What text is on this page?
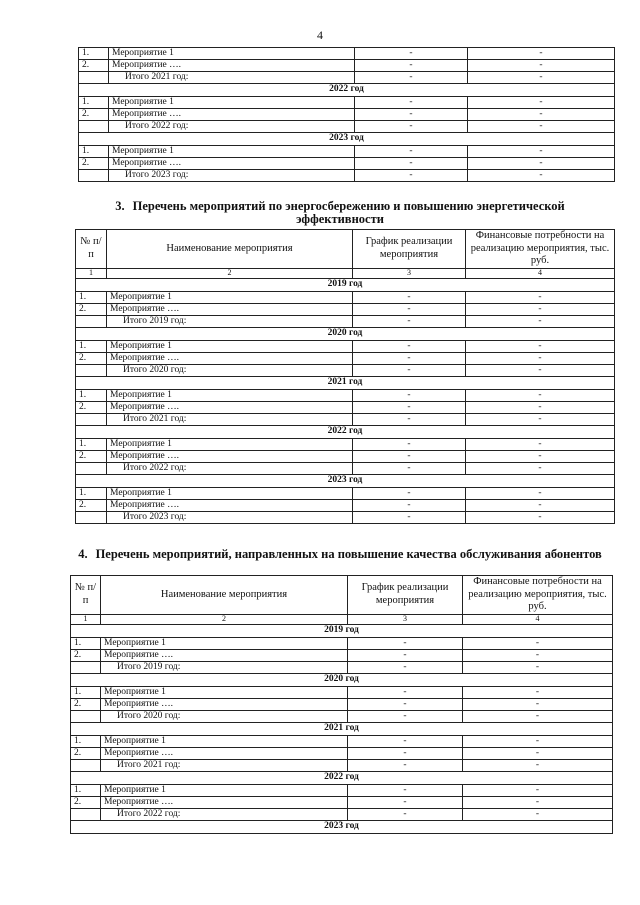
4
1.	Мероприятие 1	-	-
2.	Мероприятие ….	-	-
	Итого 2021 год:	-	-
2022 год			
1.	Мероприятие 1	-	-
2.	Мероприятие ….	-	-
	Итого 2022 год:	-	-
2023 год			
1.	Мероприятие 1	-	-
2.	Мероприятие ….	-	-
	Итого 2023 год:	-	-
3. Перечень мероприятий по энергосбережению и повышению энергетической эффективности
№ п/п	Наименование мероприятия	График реализации мероприятия	Финансовые потребности на реализацию мероприятия, тыс. руб.
1	2	3	4
2019 год			
1.	Мероприятие 1	-	-
2.	Мероприятие ….	-	-
	Итого 2019 год:	-	-
2020 год			
1.	Мероприятие 1	-	-
2.	Мероприятие ….	-	-
	Итого 2020 год:	-	-
2021 год			
1.	Мероприятие 1	-	-
2.	Мероприятие ….	-	-
	Итого 2021 год:	-	-
2022 год			
1.	Мероприятие 1	-	-
2.	Мероприятие ….	-	-
	Итого 2022 год:	-	-
2023 год			
1.	Мероприятие 1	-	-
2.	Мероприятие ….	-	-
	Итого 2023 год:	-	-
4. Перечень мероприятий, направленных на повышение качества обслуживания абонентов
№ п/п	Наименование мероприятия	График реализации мероприятия	Финансовые потребности на реализацию мероприятия, тыс. руб.
1	2	3	4
2019 год			
1.	Мероприятие 1	-	-
2.	Мероприятие ….	-	-
	Итого 2019 год:	-	-
2020 год			
1.	Мероприятие 1	-	-
2.	Мероприятие ….	-	-
	Итого 2020 год:	-	-
2021 год			
1.	Мероприятие 1	-	-
2.	Мероприятие ….	-	-
	Итого 2021 год:	-	-
2022 год			
1.	Мероприятие 1	-	-
2.	Мероприятие ….	-	-
	Итого 2022 год:	-	-
2023 год			
